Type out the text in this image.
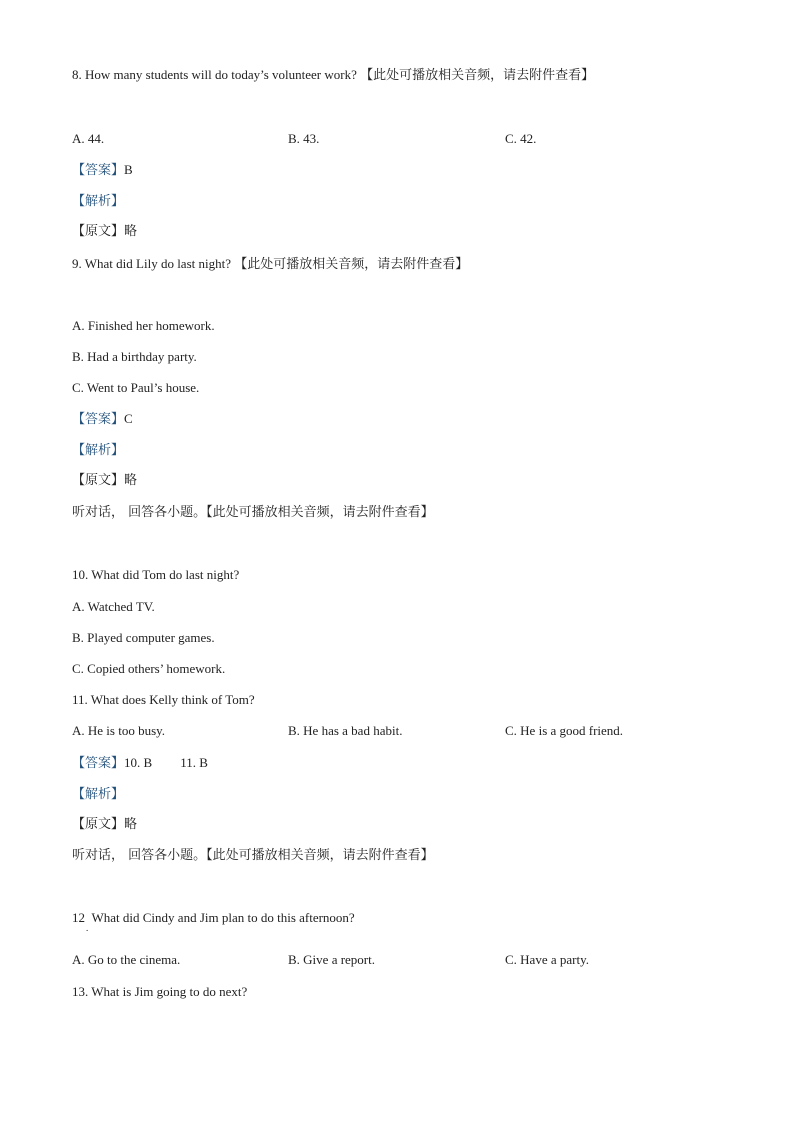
8. How many students will do today’s volunteer work? 【此处可播放相关音频，请去附件查看】
A. 44.	B. 43.	C. 42.
【答案】B
【解析】
【原文】略
9. What did Lily do last night? 【此处可播放相关音频，请去附件查看】
A. Finished her homework.
B. Had a birthday party.
C. Went to Paul’s house.
【答案】C
【解析】
【原文】略
听对话， 回答各小题。【此处可播放相关音频，请去附件查看】
10. What did Tom do last night?
A. Watched TV.
B. Played computer games.
C. Copied others’ homework.
11. What does Kelly think of Tom?
A. He is too busy.	B. He has a bad habit.	C. He is a good friend.
【答案】10. B 11. B
【解析】
【原文】略
听对话， 回答各小题。【此处可播放相关音频，请去附件查看】
12 What did Cindy and Jim plan to do this afternoon?
.
A. Go to the cinema.	B. Give a report.	C. Have a party.
13. What is Jim going to do next?
